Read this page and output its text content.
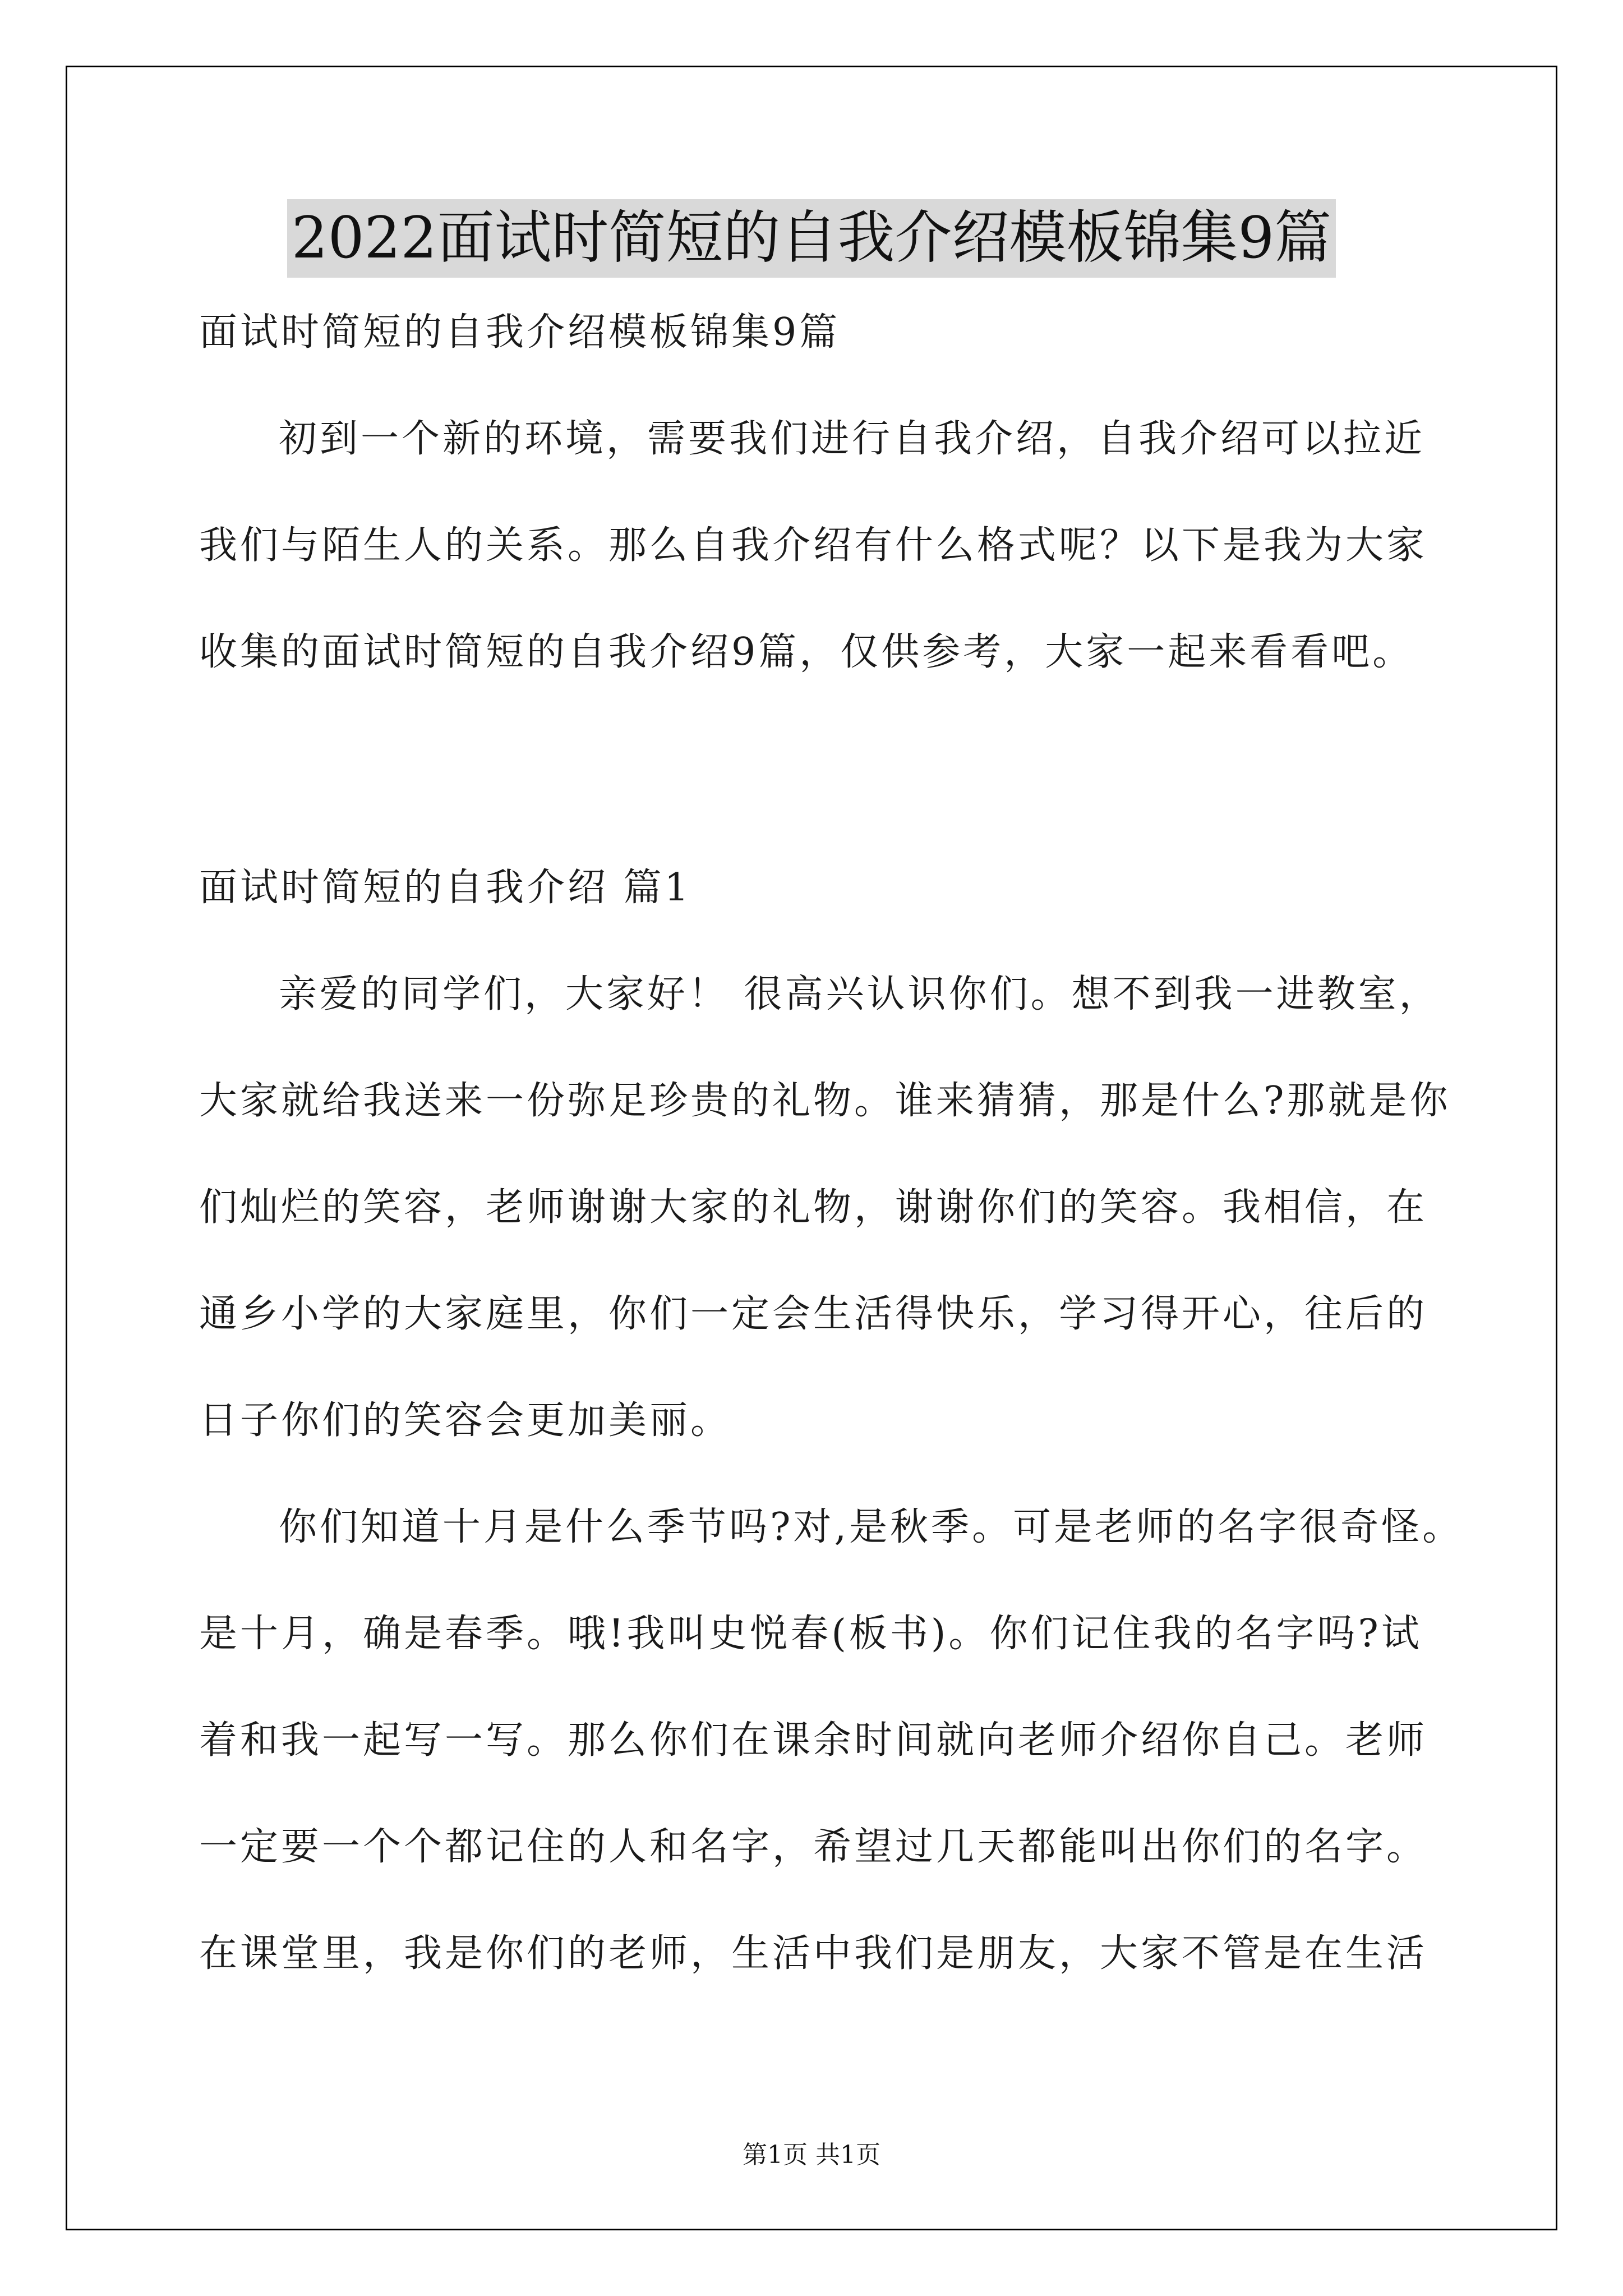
2022面试时简短的自我介绍模板锦集9篇
面试时简短的自我介绍模板锦集9篇
初到一个新的环境，需要我们进行自我介绍，自我介绍可以拉近
我们与陌生人的关系。那么自我介绍有什么格式呢？以下是我为大家
收集的面试时简短的自我介绍9篇，仅供参考，大家一起来看看吧。
面试时简短的自我介绍 篇1
亲爱的同学们，大家好！ 很高兴认识你们。想不到我一进教室，
大家就给我送来一份弥足珍贵的礼物。谁来猜猜，那是什么?那就是你
们灿烂的笑容，老师谢谢大家的礼物，谢谢你们的笑容。我相信，在
通乡小学的大家庭里，你们一定会生活得快乐，学习得开心，往后的
日子你们的笑容会更加美丽。
你们知道十月是什么季节吗?对,是秋季。可是老师的名字很奇怪。
是十月，确是春季。哦!我叫史悦春(板书)。你们记住我的名字吗?试
着和我一起写一写。那么你们在课余时间就向老师介绍你自己。老师
一定要一个个都记住的人和名字，希望过几天都能叫出你们的名字。
在课堂里，我是你们的老师，生活中我们是朋友，大家不管是在生活
第1页 共1页
